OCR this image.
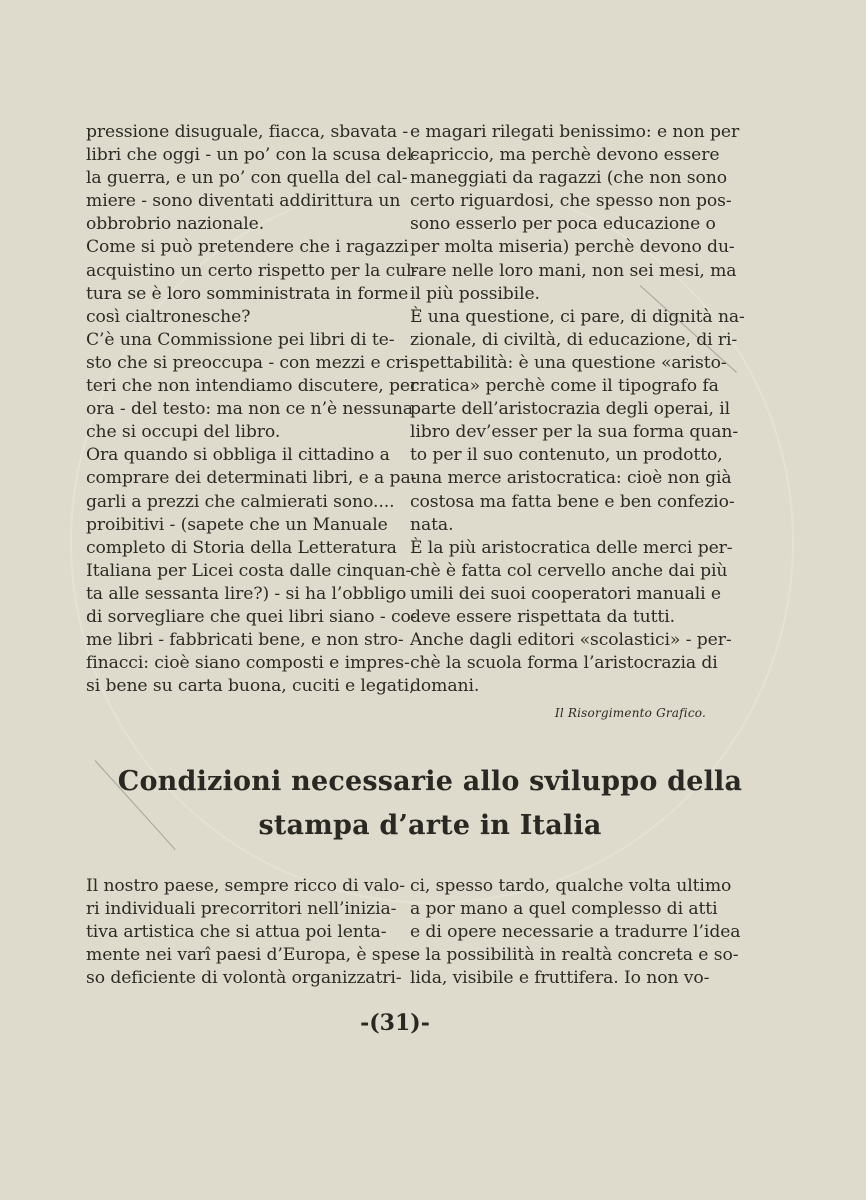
pressione disuguale, fiacca, sbavata -
libri che oggi - un po’ con la scusa del-
la guerra, e un po’ con quella del cal-
miere - sono diventati addirittura un
obbrobrio nazionale.
Come si può pretendere che i ragazzi
acquistino un certo rispetto per la cul-
tura se è loro somministrata in forme
così cialtronesche?
C’è una Commissione pei libri di te-
sto che si preoccupa - con mezzi e cri-
teri che non intendiamo discutere, per
ora - del testo: ma non ce n’è nessuna
che si occupi del libro.
Ora quando si obbliga il cittadino a
comprare dei determinati libri, e a pa-
garli a prezzi che calmierati sono....
proibitivi - (sapete che un Manuale
completo di Storia della Letteratura
Italiana per Licei costa dalle cinquan-
ta alle sessanta lire?) - si ha l’obbligo
di sorvegliare che quei libri siano - co-
me libri - fabbricati bene, e non stro-
finacci: cioè siano composti e impres-
si bene su carta buona, cuciti e legati,
e magari rilegati benissimo: e non per
capriccio, ma perchè devono essere
maneggiati da ragazzi (che non sono
certo riguardosi, che spesso non pos-
sono esserlo per poca educazione o
per molta miseria) perchè devono du-
rare nelle loro mani, non sei mesi, ma
il più possibile.
È una questione, ci pare, di dignità na-
zionale, di civiltà, di educazione, di ri-
spettabilità: è una questione «aristo-
cratica» perchè come il tipografo fa
parte dell’aristocrazia degli operai, il
libro dev’esser per la sua forma quan-
to per il suo contenuto, un prodotto,
una merce aristocratica: cioè non già
costosa ma fatta bene e ben confezio-
nata.
È la più aristocratica delle merci per-
chè è fatta col cervello anche dai più
umili dei suoi cooperatori manuali e
deve essere rispettata da tutti.
Anche dagli editori «scolastici» - per-
chè la scuola forma l’aristocrazia di
domani.
Il Risorgimento Grafico.
Condizioni necessarie allo sviluppo della
stampa d’arte in Italia
Il nostro paese, sempre ricco di valo-
ri individuali precorritori nell’inizia-
tiva artistica che si attua poi lenta-
mente nei varî paesi d’Europa, è spes-
so deficiente di volontà organizzatri-
ci, spesso tardo, qualche volta ultimo
a por mano a quel complesso di atti
e di opere necessarie a tradurre l’idea
e la possibilità in realtà concreta e so-
lida, visibile e fruttifera. Io non vo-
-(31)-
